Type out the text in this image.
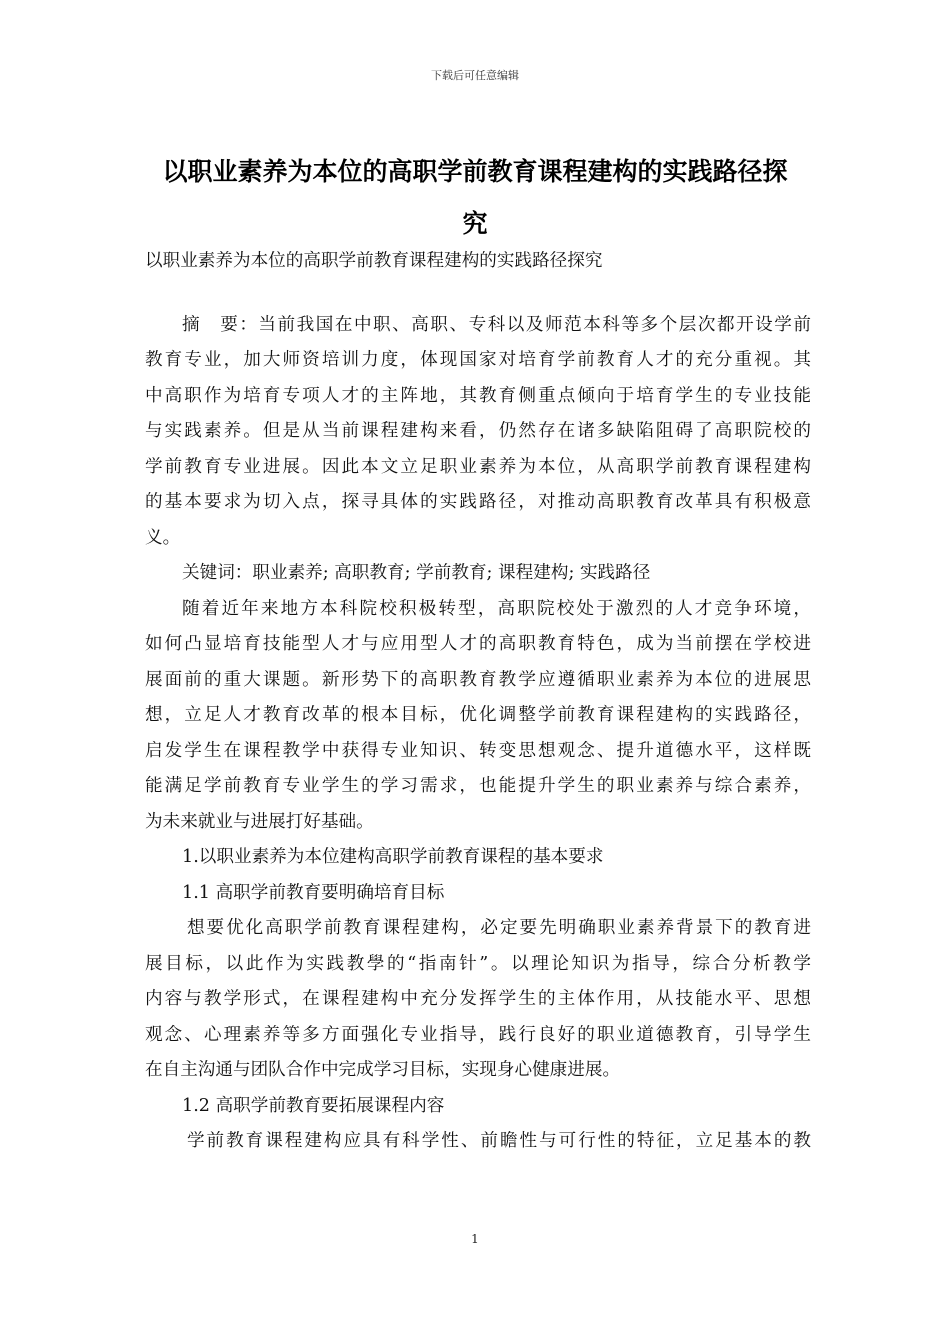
下载后可任意编辑
以职业素养为本位的高职学前教育课程建构的实践路径探
究
以职业素养为本位的高职学前教育课程建构的实践路径探究
摘　要：当前我国在中职、高职、专科以及师范本科等多个层次都开设学前
教育专业，加大师资培训力度，体现国家对培育学前教育人才的充分重视。其
中高职作为培育专项人才的主阵地，其教育侧重点倾向于培育学生的专业技能
与实践素养。但是从当前课程建构来看，仍然存在诸多缺陷阻碍了高职院校的
学前教育专业进展。因此本文立足职业素养为本位，从高职学前教育课程建构
的基本要求为切入点，探寻具体的实践路径，对推动高职教育改革具有积极意
义。
关键词：职业素养; 高职教育; 学前教育; 课程建构; 实践路径
随着近年来地方本科院校积极转型，高职院校处于激烈的人才竞争环境，
如何凸显培育技能型人才与应用型人才的高职教育特色，成为当前摆在学校进
展面前的重大课题。新形势下的高职教育教学应遵循职业素养为本位的进展思
想，立足人才教育改革的根本目标，优化调整学前教育课程建构的实践路径，
启发学生在课程教学中获得专业知识、转变思想观念、提升道德水平，这样既
能满足学前教育专业学生的学习需求，也能提升学生的职业素养与综合素养，
为未来就业与进展打好基础。
1.以职业素养为本位建构高职学前教育课程的基本要求
1.1 高职学前教育要明确培育目标
想要优化高职学前教育课程建构，必定要先明确职业素养背景下的教育进
展目标，以此作为实践教學的“指南针”。以理论知识为指导，综合分析教学
内容与教学形式，在课程建构中充分发挥学生的主体作用，从技能水平、思想
观念、心理素养等多方面强化专业指导，践行良好的职业道德教育，引导学生
在自主沟通与团队合作中完成学习目标，实现身心健康进展。
1.2 高职学前教育要拓展课程内容
学前教育课程建构应具有科学性、前瞻性与可行性的特征，立足基本的教
1
